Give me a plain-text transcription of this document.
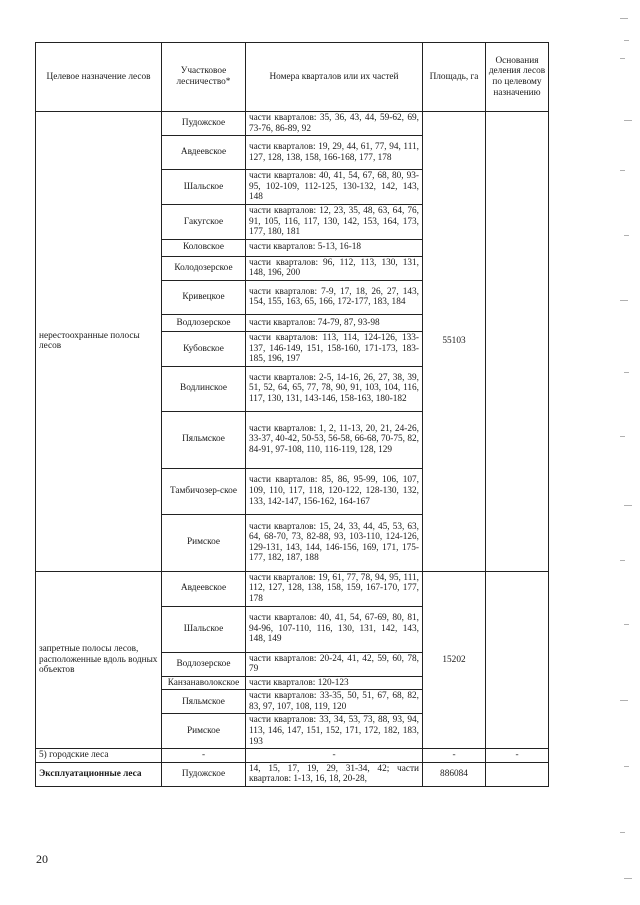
Целевое назначение лесов	Участковое лесничество*	Номера кварталов или их частей	Площадь, га	Основания деления лесов по целевому назначению
нерестоохранные полосы лесов	Пудожское	части кварталов: 35, 36, 43, 44, 59-62, 69, 73-76, 86-89, 92	55103	
	Авдеевское	части кварталов: 19, 29, 44, 61, 77, 94, 111, 127, 128, 138, 158, 166-168, 177, 178		
	Шальское	части кварталов: 40, 41, 54, 67, 68, 80, 93-95, 102-109, 112-125, 130-132, 142, 143, 148		
	Гакугское	части кварталов: 12, 23, 35, 48, 63, 64, 76, 91, 105, 116, 117, 130, 142, 153, 164, 173, 177, 180, 181		
	Коловское	части кварталов: 5-13, 16-18		
	Колодозерское	части кварталов: 96, 112, 113, 130, 131, 148, 196, 200		
	Кривецкое	части кварталов: 7-9, 17, 18, 26, 27, 143, 154, 155, 163, 65, 166, 172-177, 183, 184		
	Водлозерское	части кварталов: 74-79, 87, 93-98		
	Кубовское	части кварталов: 113, 114, 124-126, 133-137, 146-149, 151, 158-160, 171-173, 183-185, 196, 197		
	Водлинское	части кварталов: 2-5, 14-16, 26, 27, 38, 39, 51, 52, 64, 65, 77, 78, 90, 91, 103, 104, 116, 117, 130, 131, 143-146, 158-163, 180-182		
	Пяльмское	части кварталов: 1, 2, 11-13, 20, 21, 24-26, 33-37, 40-42, 50-53, 56-58, 66-68, 70-75, 82, 84-91, 97-108, 110, 116-119, 128, 129		
	Тамбичозер-ское	части кварталов: 85, 86, 95-99, 106, 107, 109, 110, 117, 118, 120-122, 128-130, 132, 133, 142-147, 156-162, 164-167		
	Римское	части кварталов: 15, 24, 33, 44, 45, 53, 63, 64, 68-70, 73, 82-88, 93, 103-110, 124-126, 129-131, 143, 144, 146-156, 169, 171, 175-177, 182, 187, 188		
запретные полосы лесов, расположенные вдоль водных объектов	Авдеевское	части кварталов: 19, 61, 77, 78, 94, 95, 111, 112, 127, 128, 138, 158, 159, 167-170, 177, 178	15202	
	Шальское	части кварталов: 40, 41, 54, 67-69, 80, 81, 94-96, 107-110, 116, 130, 131, 142, 143, 148, 149		
	Водлозерское	части кварталов: 20-24, 41, 42, 59, 60, 78, 79		
	Канзанаволокское	части кварталов: 120-123		
	Пяльмское	части кварталов: 33-35, 50, 51, 67, 68, 82, 83, 97, 107, 108, 119, 120		
	Римское	части кварталов: 33, 34, 53, 73, 88, 93, 94, 113, 146, 147, 151, 152, 171, 172, 182, 183, 193		
5) городские леса	-	-	-	-
Эксплуатационные леса	Пудожское	14, 15, 17, 19, 29, 31-34, 42; части кварталов: 1-13, 16, 18, 20-28,	886084	
20
